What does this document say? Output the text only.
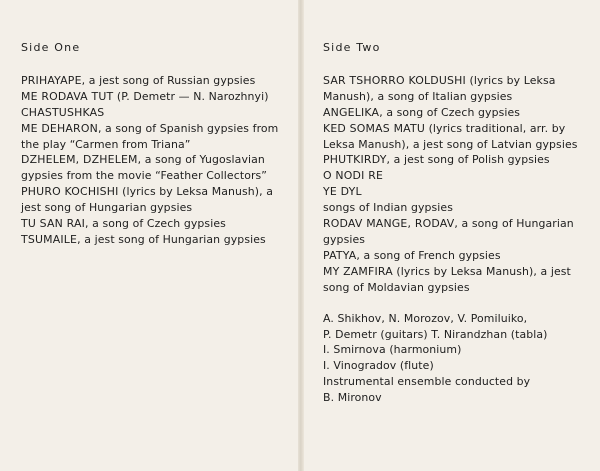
Side One
PRIHAYAPE, a jest song of Russian gypsies
ME RODAVA TUT (P. Demetr — N. Narozhnyi)
CHASTUSHKAS
ME DEHARON, a song of Spanish gypsies from the play “Carmen from Triana”
DZHELEM, DZHELEM, a song of Yugoslavian gypsies from the movie “Feather Collectors”
PHURO KOCHISHI (lyrics by Leksa Manush), a jest song of Hungarian gypsies
TU SAN RAI, a song of Czech gypsies
TSUMAILE, a jest song of Hungarian gypsies
Side Two
SAR TSHORRO KOLDUSHI (lyrics by Leksa Manush), a song of Italian gypsies
ANGELIKA, a song of Czech gypsies
KED SOMAS MATU (lyrics traditional, arr. by Leksa Manush), a jest song of Latvian gypsies
PHUTKIRDY, a jest song of Polish gypsies
O NODI RE
YE DYL
songs of Indian gypsies
RODAV MANGE, RODAV, a song of Hungarian gypsies
PATYA, a song of French gypsies
MY ZAMFIRA (lyrics by Leksa Manush), a jest song of Moldavian gypsies
A. Shikhov, N. Morozov, V. Pomiluiko,
P. Demetr (guitars) T. Nirandzhan (tabla)
I. Smirnova (harmonium)
I. Vinogradov (flute)
Instrumental ensemble conducted by
B. Mironov
